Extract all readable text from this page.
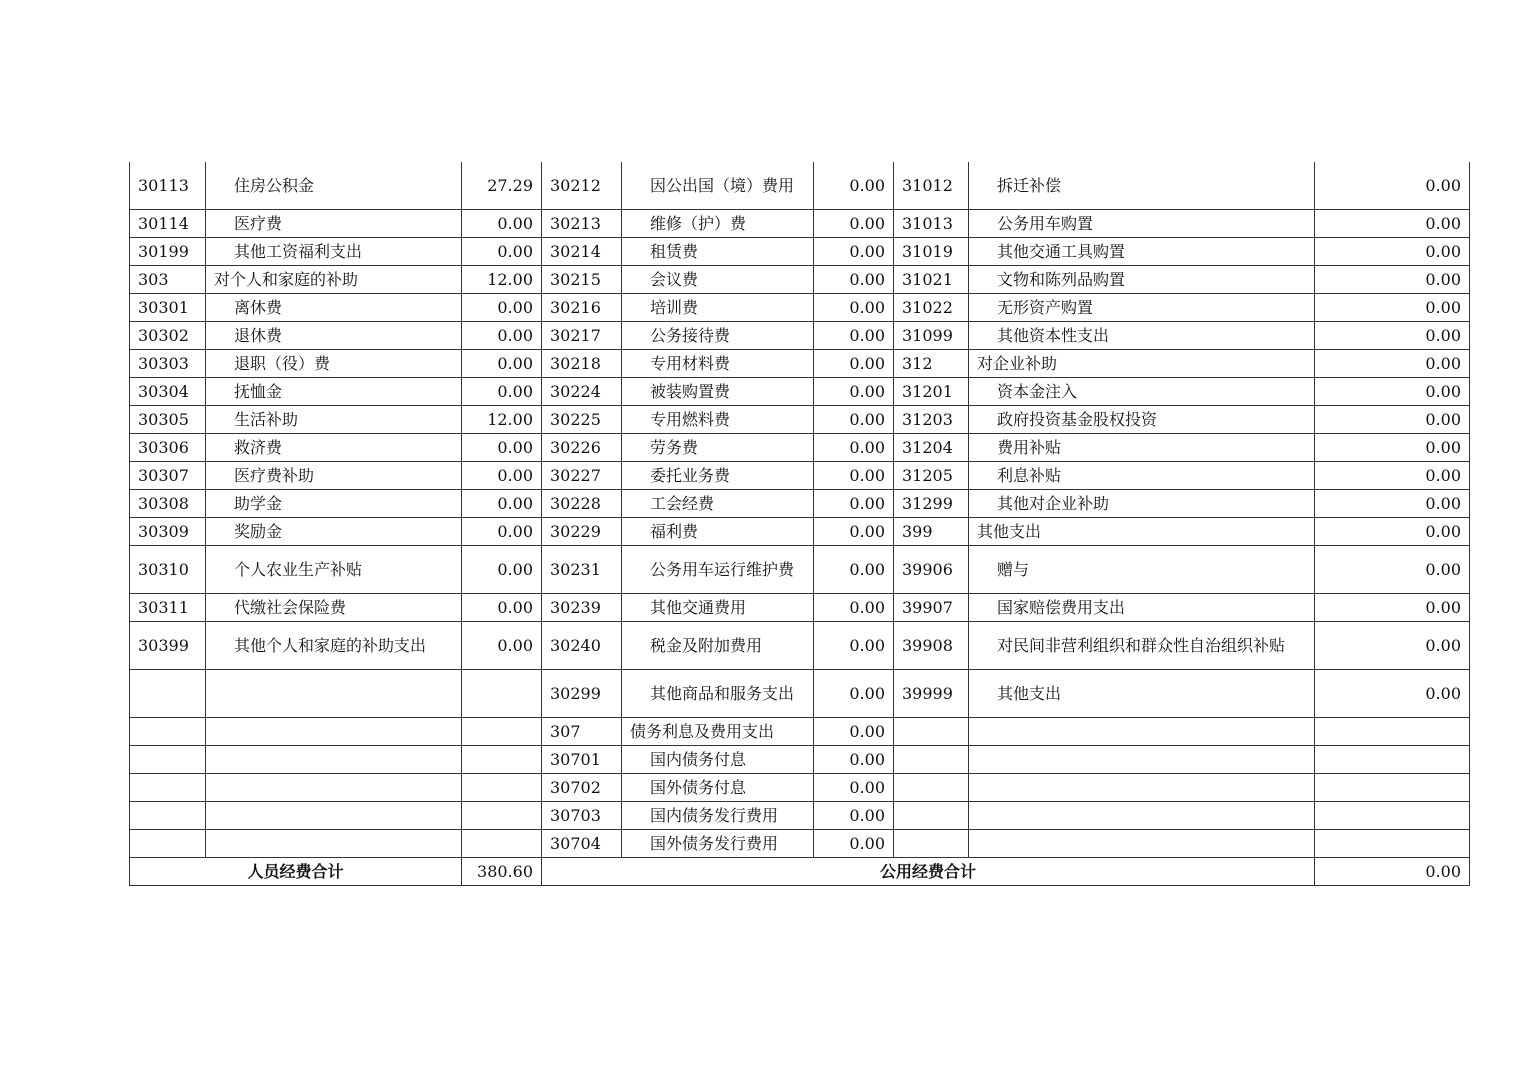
30113	住房公积金	27.29	30212	因公出国（境）费用	0.00	31012	拆迁补偿	0.00
30114	医疗费	0.00	30213	维修（护）费	0.00	31013	公务用车购置	0.00
30199	其他工资福利支出	0.00	30214	租赁费	0.00	31019	其他交通工具购置	0.00
303	对个人和家庭的补助	12.00	30215	会议费	0.00	31021	文物和陈列品购置	0.00
30301	离休费	0.00	30216	培训费	0.00	31022	无形资产购置	0.00
30302	退休费	0.00	30217	公务接待费	0.00	31099	其他资本性支出	0.00
30303	退职（役）费	0.00	30218	专用材料费	0.00	312	对企业补助	0.00
30304	抚恤金	0.00	30224	被装购置费	0.00	31201	资本金注入	0.00
30305	生活补助	12.00	30225	专用燃料费	0.00	31203	政府投资基金股权投资	0.00
30306	救济费	0.00	30226	劳务费	0.00	31204	费用补贴	0.00
30307	医疗费补助	0.00	30227	委托业务费	0.00	31205	利息补贴	0.00
30308	助学金	0.00	30228	工会经费	0.00	31299	其他对企业补助	0.00
30309	奖励金	0.00	30229	福利费	0.00	399	其他支出	0.00
30310	个人农业生产补贴	0.00	30231	公务用车运行维护费	0.00	39906	赠与	0.00
30311	代缴社会保险费	0.00	30239	其他交通费用	0.00	39907	国家赔偿费用支出	0.00
30399	其他个人和家庭的补助支出	0.00	30240	税金及附加费用	0.00	39908	对民间非营利组织和群众性自治组织补贴	0.00
			30299	其他商品和服务支出	0.00	39999	其他支出	0.00
			307	债务利息及费用支出	0.00			
			30701	国内债务付息	0.00			
			30702	国外债务付息	0.00			
			30703	国内债务发行费用	0.00			
			30704	国外债务发行费用	0.00			
人员经费合计		380.60	公用经费合计					0.00
